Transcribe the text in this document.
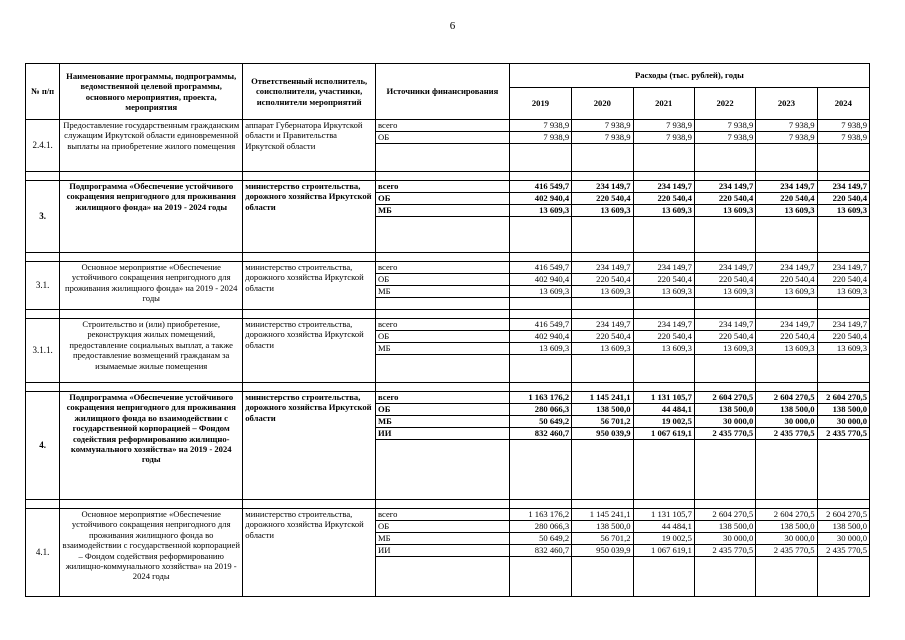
6
№ п/п	Наименование программы, подпрограммы, ведомственной целевой программы, основного мероприятия, проекта, мероприятия	Ответственный исполнитель, соисполнители, участники, исполнители мероприятий	Источники финансирования	Расходы (тыс. рублей), годы					
				2019	2020	2021	2022	2023	2024
2.4.1.	Предоставление государственным гражданским служащим Иркутской области единовременной выплаты на приобретение жилого помещения	аппарат Губернатора Иркутской области и Правительства Иркутской области	всего	7 938,9	7 938,9	7 938,9	7 938,9	7 938,9	7 938,9
			ОБ	7 938,9	7 938,9	7 938,9	7 938,9	7 938,9	7 938,9

3.	Подпрограмма «Обеспечение устойчивого сокращения непригодного для проживания жилищного фонда» на 2019 - 2024 годы	министерство строительства, дорожного хозяйства Иркутской области	всего	416 549,7	234 149,7	234 149,7	234 149,7	234 149,7	234 149,7
			ОБ	402 940,4	220 540,4	220 540,4	220 540,4	220 540,4	220 540,4
			МБ	13 609,3	13 609,3	13 609,3	13 609,3	13 609,3	13 609,3

3.1.	Основное мероприятие «Обеспечение устойчивого сокращения непригодного для проживания жилищного фонда» на 2019 - 2024 годы	министерство строительства, дорожного хозяйства Иркутской области	всего	416 549,7	234 149,7	234 149,7	234 149,7	234 149,7	234 149,7
			ОБ	402 940,4	220 540,4	220 540,4	220 540,4	220 540,4	220 540,4
			МБ	13 609,3	13 609,3	13 609,3	13 609,3	13 609,3	13 609,3

3.1.1.	Строительство и (или) приобретение, реконструкция жилых помещений, предоставление социальных выплат, а также предоставление возмещений гражданам за изымаемые жилые помещения	министерство строительства, дорожного хозяйства Иркутской области	всего	416 549,7	234 149,7	234 149,7	234 149,7	234 149,7	234 149,7
			ОБ	402 940,4	220 540,4	220 540,4	220 540,4	220 540,4	220 540,4
			МБ	13 609,3	13 609,3	13 609,3	13 609,3	13 609,3	13 609,3

4.	Подпрограмма «Обеспечение устойчивого сокращения непригодного для проживания жилищного фонда во взаимодействии с государственной корпорацией – Фондом содействия реформированию жилищно-коммунального хозяйства» на 2019 - 2024 годы	министерство строительства, дорожного хозяйства Иркутской области	всего	1 163 176,2	1 145 241,1	1 131 105,7	2 604 270,5	2 604 270,5	2 604 270,5
			ОБ	280 066,3	138 500,0	44 484,1	138 500,0	138 500,0	138 500,0
			МБ	50 649,2	56 701,2	19 002,5	30 000,0	30 000,0	30 000,0
			ИИ	832 460,7	950 039,9	1 067 619,1	2 435 770,5	2 435 770,5	2 435 770,5

4.1.	Основное мероприятие «Обеспечение устойчивого сокращения непригодного для проживания жилищного фонда во взаимодействии с государственной корпорацией – Фондом содействия реформированию жилищно-коммунального хозяйства» на 2019 - 2024 годы	министерство строительства, дорожного хозяйства Иркутской области	всего	1 163 176,2	1 145 241,1	1 131 105,7	2 604 270,5	2 604 270,5	2 604 270,5
			ОБ	280 066,3	138 500,0	44 484,1	138 500,0	138 500,0	138 500,0
			МБ	50 649,2	56 701,2	19 002,5	30 000,0	30 000,0	30 000,0
			ИИ	832 460,7	950 039,9	1 067 619,1	2 435 770,5	2 435 770,5	2 435 770,5
